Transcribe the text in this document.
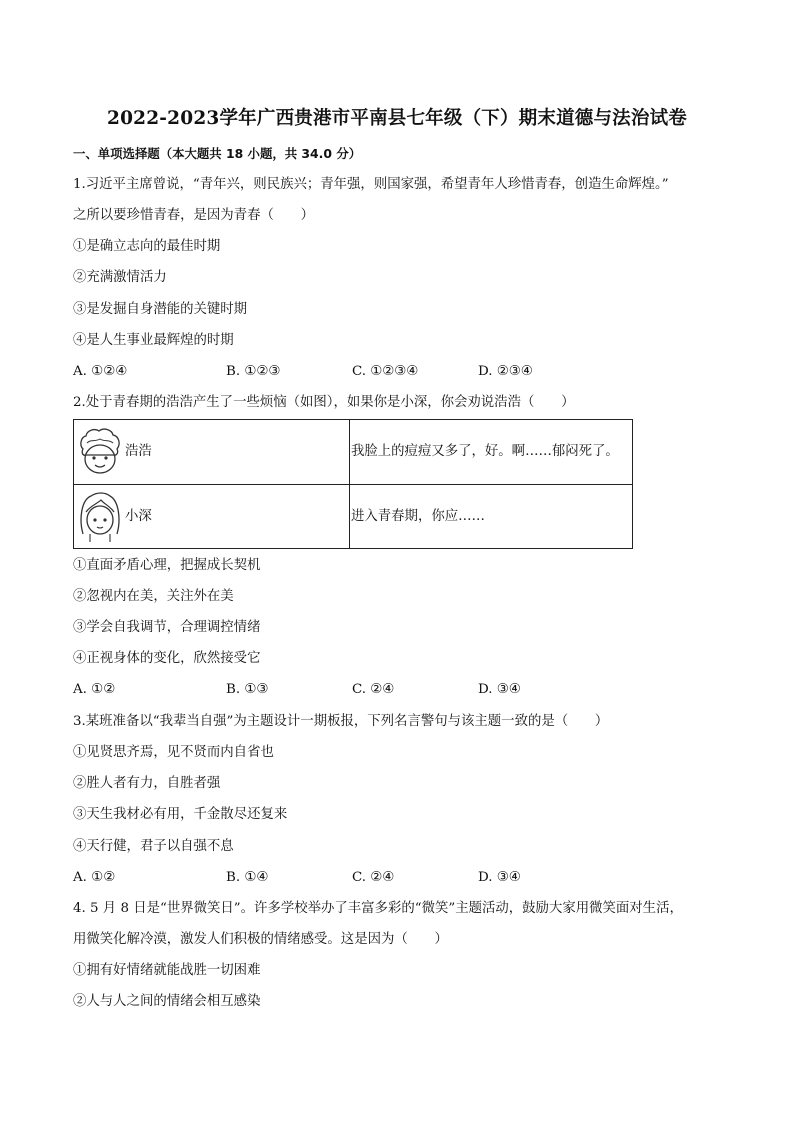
2022-2023学年广西贵港市平南县七年级（下）期末道德与法治试卷
一、单项选择题（本大题共 18 小题，共 34.0 分）
1.习近平主席曾说，“青年兴，则民族兴；青年强，则国家强，希望青年人珍惜青春，创造生命辉煌。”
之所以要珍惜青春，是因为青春（　　）
①是确立志向的最佳时期
②充满激情活力
③是发掘自身潜能的关键时期
④是人生事业最辉煌的时期
A. ①②④	B. ①②③	C. ①②③④	D. ②③④
2.处于青春期的浩浩产生了一些烦恼（如图），如果你是小深，你会劝说浩浩（　　）
浩浩	我脸上的痘痘又多了，好。啊……郁闷死了。
小深	进入青春期，你应……
①直面矛盾心理，把握成长契机
②忽视内在美，关注外在美
③学会自我调节，合理调控情绪
④正视身体的变化，欣然接受它
A. ①②	B. ①③	C. ②④	D. ③④
3.某班准备以“我辈当自强”为主题设计一期板报，下列名言警句与该主题一致的是（　　）
①见贤思齐焉，见不贤而内自省也
②胜人者有力，自胜者强
③天生我材必有用，千金散尽还复来
④天行健，君子以自强不息
A. ①②	B. ①④	C. ②④	D. ③④
4. 5 月 8 日是“世界微笑日”。许多学校举办了丰富多彩的“微笑”主题活动，鼓励大家用微笑面对生活，
用微笑化解冷漠，激发人们积极的情绪感受。这是因为（　　）
①拥有好情绪就能战胜一切困难
②人与人之间的情绪会相互感染
